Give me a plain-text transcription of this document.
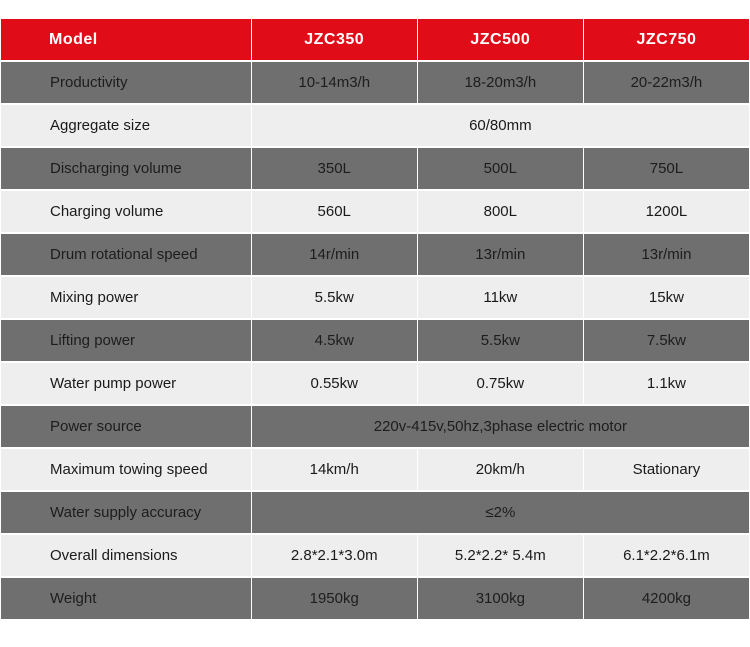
Model	JZC350	JZC500	JZC750
Productivity	10-14m3/h	18-20m3/h	20-22m3/h
Aggregate size	60/80mm		
Discharging volume	350L	500L	750L
Charging volume	560L	800L	1200L
Drum rotational speed	14r/min	13r/min	13r/min
Mixing power	5.5kw	11kw	15kw
Lifting power	4.5kw	5.5kw	7.5kw
Water pump power	0.55kw	0.75kw	1.1kw
Power source	220v-415v,50hz,3phase electric motor		
Maximum towing speed	14km/h	20km/h	Stationary
Water supply accuracy	≤2%		
Overall dimensions	2.8*2.1*3.0m	5.2*2.2* 5.4m	6.1*2.2*6.1m
Weight	1950kg	3100kg	4200kg
